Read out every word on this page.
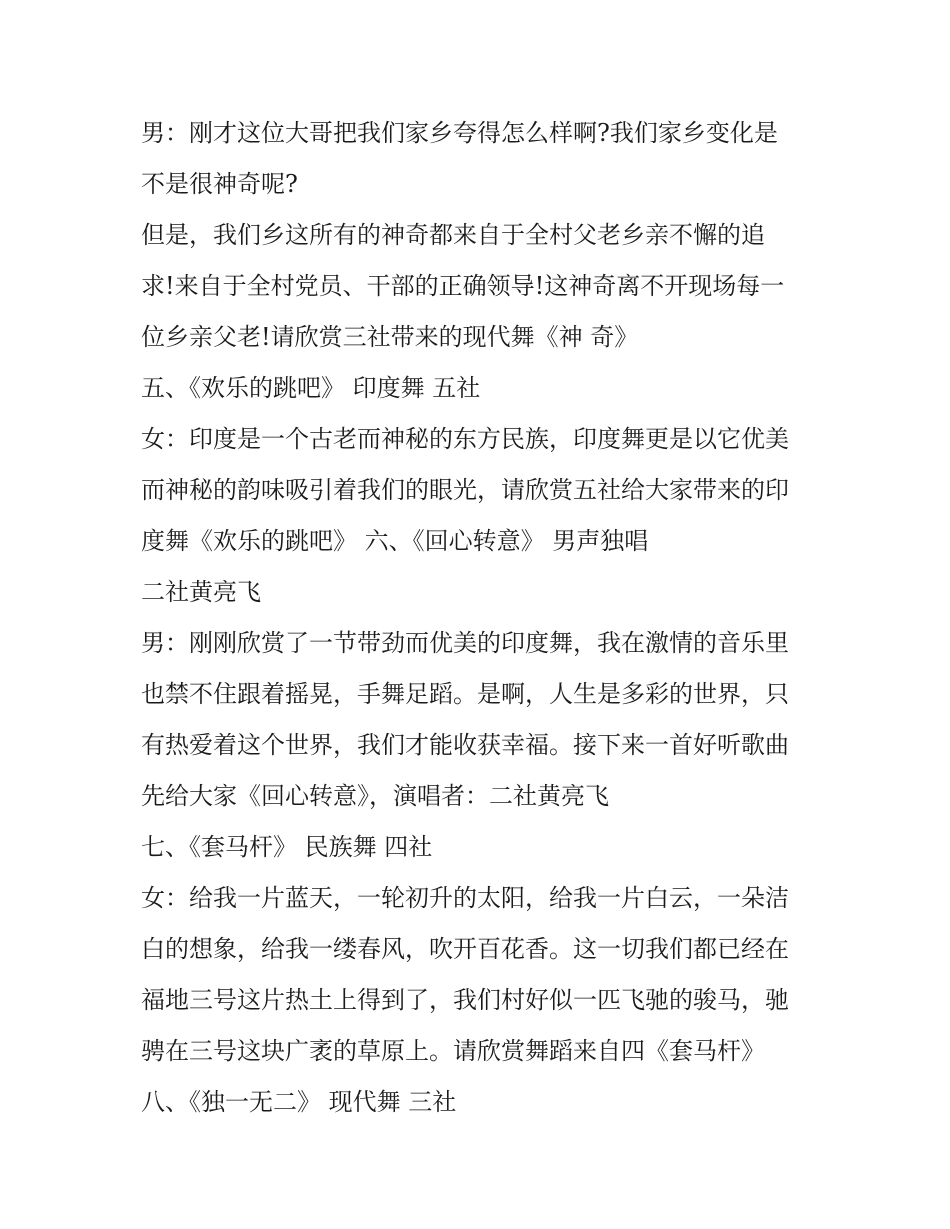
男：刚才这位大哥把我们家乡夸得怎么样啊?我们家乡变化是
不是很神奇呢?
但是，我们乡这所有的神奇都来自于全村父老乡亲不懈的追
求!来自于全村党员、干部的正确领导!这神奇离不开现场每一
位乡亲父老!请欣赏三社带来的现代舞《神 奇》
五、《欢乐的跳吧》 印度舞 五社
女：印度是一个古老而神秘的东方民族，印度舞更是以它优美
而神秘的韵味吸引着我们的眼光，请欣赏五社给大家带来的印
度舞《欢乐的跳吧》 六、《回心转意》 男声独唱
二社黄亮飞
男：刚刚欣赏了一节带劲而优美的印度舞，我在激情的音乐里
也禁不住跟着摇晃，手舞足蹈。是啊，人生是多彩的世界，只
有热爱着这个世界，我们才能收获幸福。接下来一首好听歌曲
先给大家《回心转意》，演唱者：二社黄亮飞
七、《套马杆》 民族舞 四社
女：给我一片蓝天，一轮初升的太阳，给我一片白云，一朵洁
白的想象，给我一缕春风，吹开百花香。这一切我们都已经在
福地三号这片热土上得到了，我们村好似一匹飞驰的骏马，驰
骋在三号这块广袤的草原上。请欣赏舞蹈来自四《套马杆》
八、《独一无二》 现代舞 三社
